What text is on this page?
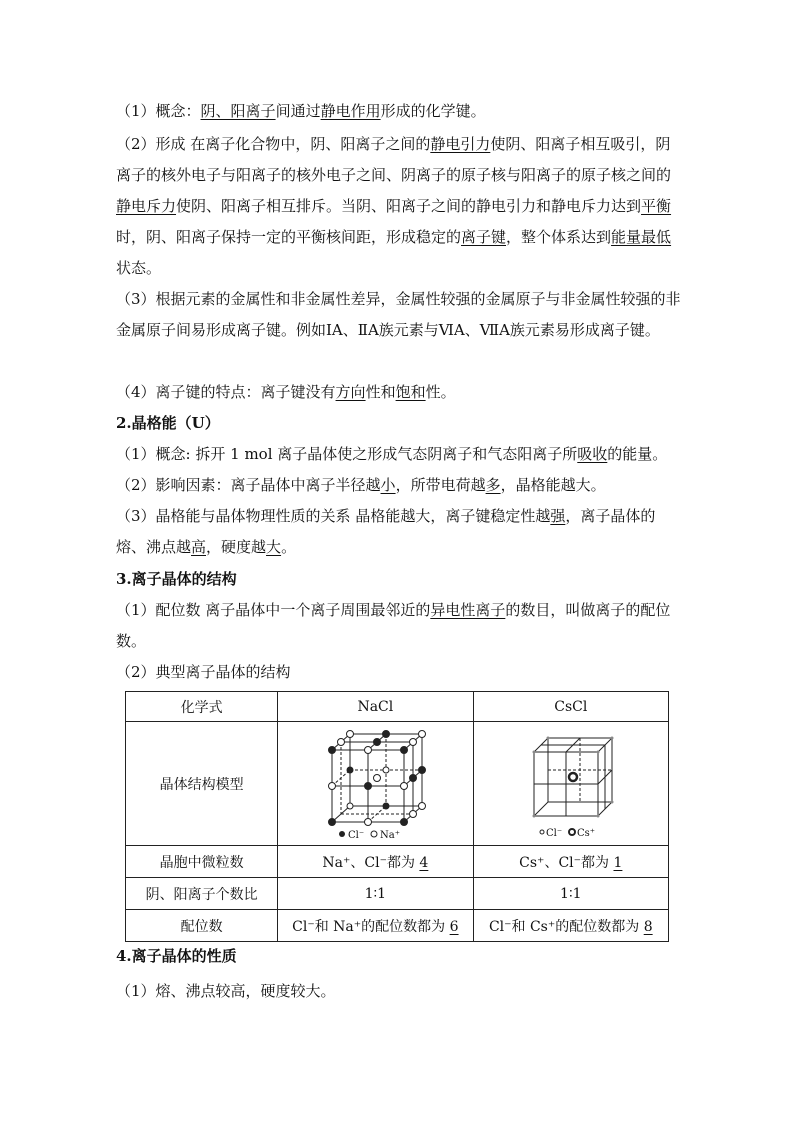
（1）概念：阴、阳离子间通过静电作用形成的化学键。

（2）形成 在离子化合物中，阴、阳离子之间的静电引力使阴、阳离子相互吸引，阴离子的核外电子与阳离子的核外电子之间、阴离子的原子核与阳离子的原子核之间的静电斥力使阴、阳离子相互排斥。当阴、阳离子之间的静电引力和静电斥力达到平衡时，阴、阳离子保持一定的平衡核间距，形成稳定的离子键，整个体系达到能量最低状态。

（3）根据元素的金属性和非金属性差异，金属性较强的金属原子与非金属性较强的非金属原子间易形成离子键。例如ⅠA、ⅡA族元素与ⅥA、ⅦA族元素易形成离子键。

（4）离子键的特点：离子键没有方向性和饱和性。

2.晶格能（U）

（1）概念: 拆开 1 mol 离子晶体使之形成气态阴离子和气态阳离子所吸收的能量。

（2）影响因素：离子晶体中离子半径越小，所带电荷越多，晶格能越大。

（3）晶格能与晶体物理性质的关系 晶格能越大，离子键稳定性越强，离子晶体的熔、沸点越高，硬度越大。

3.离子晶体的结构

（1）配位数 离子晶体中一个离子周围最邻近的异电性离子的数目，叫做离子的配位数。

（2）典型离子晶体的结构

化学式	NaCl	CsCl
晶体结构模型	Cl⁻ Na⁺	Cl⁻ Cs⁺

晶胞中微粒数	Na⁺、Cl⁻都为 4	Cs⁺、Cl⁻都为 1
阴、阳离子个数比	1∶1	1∶1
配位数	Cl⁻和 Na⁺的配位数都为 6	Cl⁻和 Cs⁺的配位数都为 8

4.离子晶体的性质

（1）熔、沸点较高，硬度较大。
